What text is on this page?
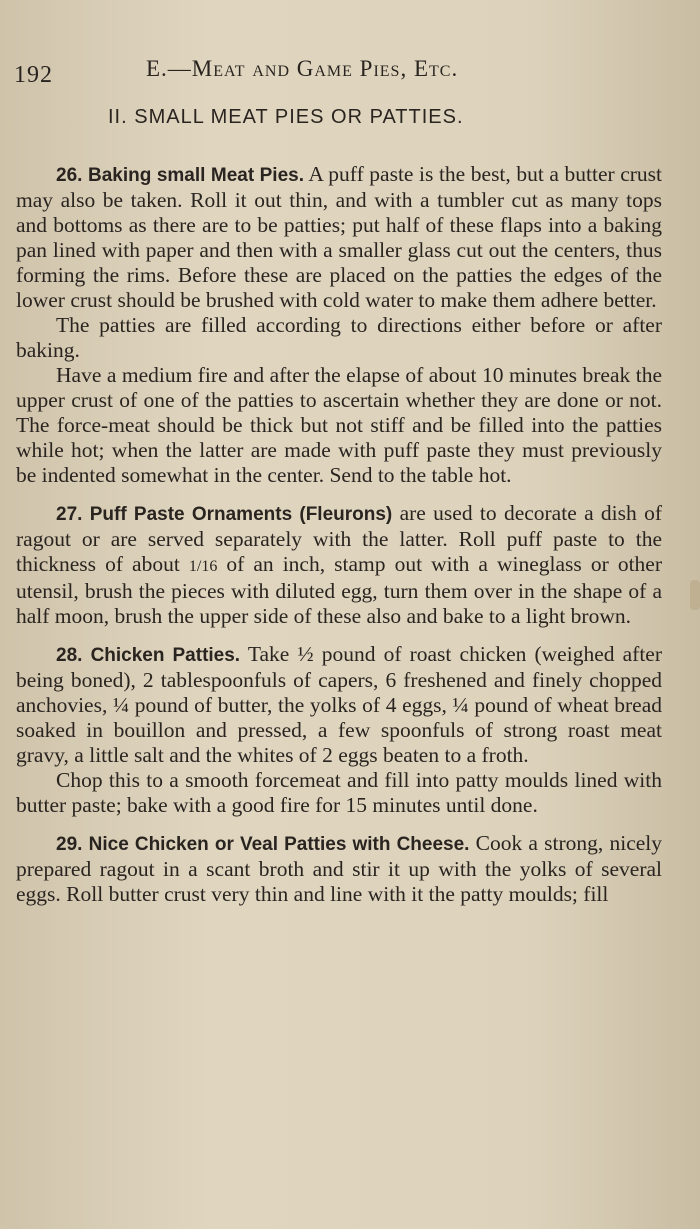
192	E.—Meat and Game Pies, Etc.
II. SMALL MEAT PIES OR PATTIES.

26. Baking small Meat Pies. A puff paste is the best, but a butter crust may also be taken. Roll it out thin, and with a tumbler cut as many tops and bottoms as there are to be patties; put half of these flaps into a baking pan lined with paper and then with a smaller glass cut out the centers, thus forming the rims. Before these are placed on the patties the edges of the lower crust should be brushed with cold water to make them adhere better.

The patties are filled according to directions either before or after baking.

Have a medium fire and after the elapse of about 10 minutes break the upper crust of one of the patties to ascertain whether they are done or not. The force-meat should be thick but not stiff and be filled into the patties while hot; when the latter are made with puff paste they must previously be indented somewhat in the center. Send to the table hot.

27. Puff Paste Ornaments (Fleurons) are used to decorate a dish of ragout or are served separately with the latter. Roll puff paste to the thickness of about 1/16 of an inch, stamp out with a wineglass or other utensil, brush the pieces with diluted egg, turn them over in the shape of a half moon, brush the upper side of these also and bake to a light brown.

28. Chicken Patties. Take ½ pound of roast chicken (weighed after being boned), 2 tablespoonfuls of capers, 6 freshened and finely chopped anchovies, ¼ pound of butter, the yolks of 4 eggs, ¼ pound of wheat bread soaked in bouillon and pressed, a few spoonfuls of strong roast meat gravy, a little salt and the whites of 2 eggs beaten to a froth.

Chop this to a smooth forcemeat and fill into patty moulds lined with butter paste; bake with a good fire for 15 minutes until done.

29. Nice Chicken or Veal Patties with Cheese. Cook a strong, nicely prepared ragout in a scant broth and stir it up with the yolks of several eggs. Roll butter crust very thin and line with it the patty moulds; fill
